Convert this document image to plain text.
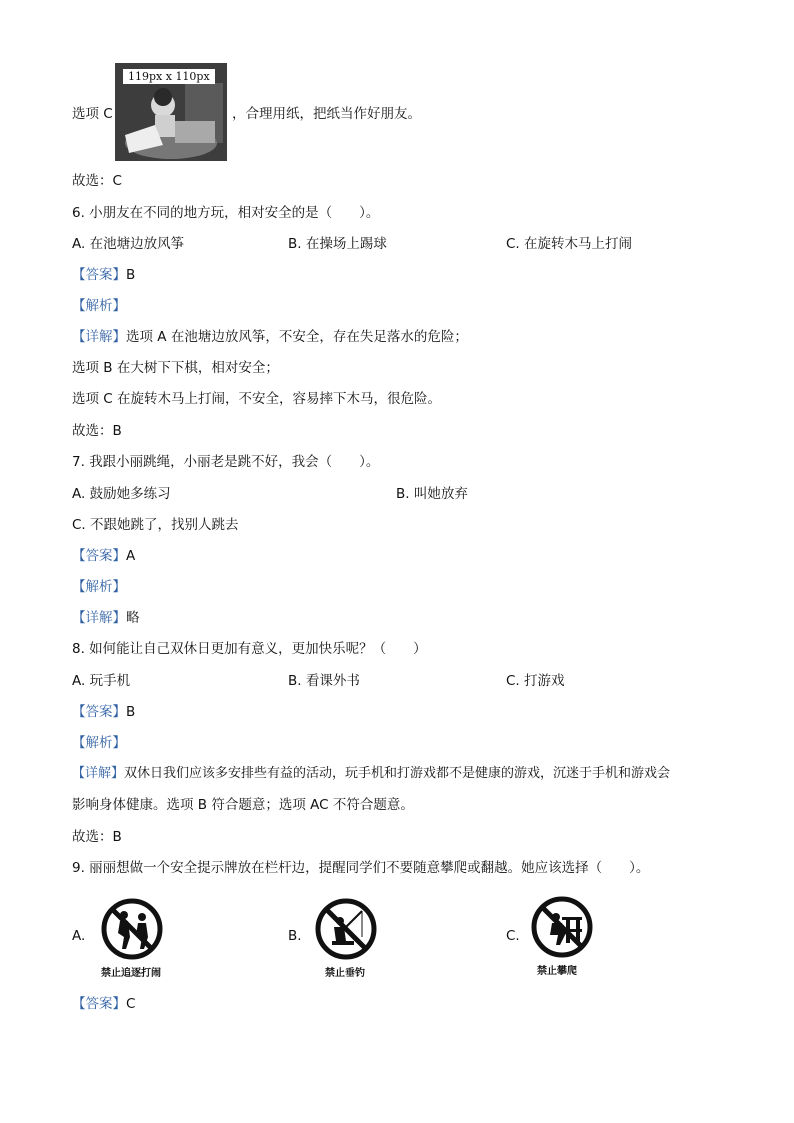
选项 C
119px x 110px
，合理用纸，把纸当作好朋友。
故选：C
6. 小朋友在不同的地方玩，相对安全的是（　　）。
A. 在池塘边放风筝	B. 在操场上踢球	C. 在旋转木马上打闹
【答案】B
【解析】
【详解】选项 A 在池塘边放风筝，不安全，存在失足落水的危险；
选项 B 在大树下下棋，相对安全；
选项 C 在旋转木马上打闹，不安全，容易摔下木马，很危险。
故选：B
7. 我跟小丽跳绳，小丽老是跳不好，我会（　　）。
A. 鼓励她多练习	B. 叫她放弃
C. 不跟她跳了，找别人跳去
【答案】A
【解析】
【详解】略
8. 如何能让自己双休日更加有意义，更加快乐呢？（　　）
A. 玩手机	B. 看课外书	C. 打游戏
【答案】B
【解析】
【详解】双休日我们应该多安排些有益的活动，玩手机和打游戏都不是健康的游戏，沉迷于手机和游戏会
影响身体健康。选项 B 符合题意；选项 AC 不符合题意。
故选：B
9. 丽丽想做一个安全提示牌放在栏杆边，提醒同学们不要随意攀爬或翻越。她应该选择（　　）。
A.
禁止追逐打闹
B.
禁止垂钓
C.
禁止攀爬
【答案】C
